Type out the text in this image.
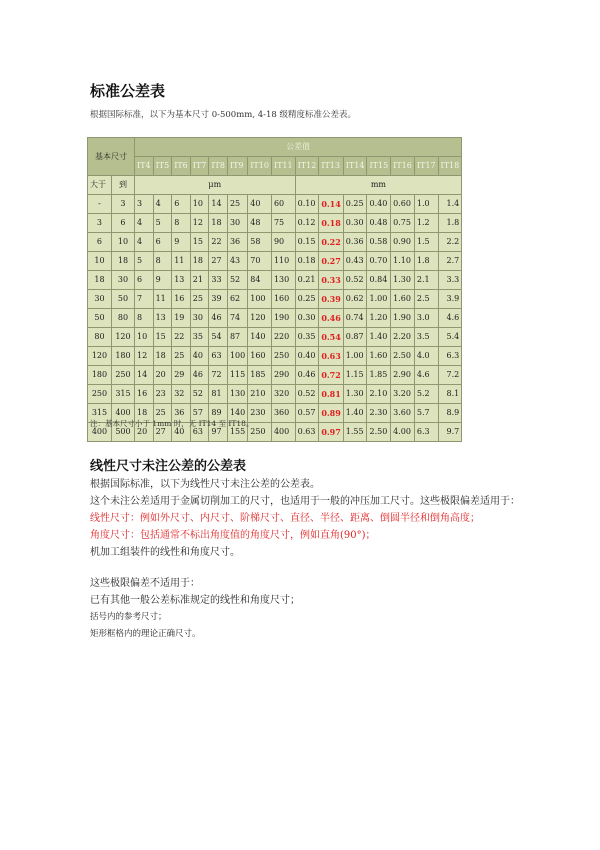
标准公差表
根据国际标准，以下为基本尺寸 0-500mm, 4-18 级精度标准公差表。
基本尺寸		公差值														
		IT4	IT5	IT6	IT7	IT8	IT9	IT10	IT11	IT12	IT13	IT14	IT15	IT16	IT17	IT18
大于	到	μm								mm						
-	3	3	4	6	10	14	25	40	60	0.10	0.14	0.25	0.40	0.60	1.0	1.4
3	6	4	5	8	12	18	30	48	75	0.12	0.18	0.30	0.48	0.75	1.2	1.8
6	10	4	6	9	15	22	36	58	90	0.15	0.22	0.36	0.58	0.90	1.5	2.2
10	18	5	8	11	18	27	43	70	110	0.18	0.27	0.43	0.70	1.10	1.8	2.7
18	30	6	9	13	21	33	52	84	130	0.21	0.33	0.52	0.84	1.30	2.1	3.3
30	50	7	11	16	25	39	62	100	160	0.25	0.39	0.62	1.00	1.60	2.5	3.9
50	80	8	13	19	30	46	74	120	190	0.30	0.46	0.74	1.20	1.90	3.0	4.6
80	120	10	15	22	35	54	87	140	220	0.35	0.54	0.87	1.40	2.20	3.5	5.4
120	180	12	18	25	40	63	100	160	250	0.40	0.63	1.00	1.60	2.50	4.0	6.3
180	250	14	20	29	46	72	115	185	290	0.46	0.72	1.15	1.85	2.90	4.6	7.2
250	315	16	23	32	52	81	130	210	320	0.52	0.81	1.30	2.10	3.20	5.2	8.1
315	400	18	25	36	57	89	140	230	360	0.57	0.89	1.40	2.30	3.60	5.7	8.9
400	500	20	27	40	63	97	155	250	400	0.63	0.97	1.55	2.50	4.00	6.3	9.7
注：基本尺寸小于 1mm 时，无 IT14 至 IT18。
线性尺寸未注公差的公差表

根据国际标准，以下为线性尺寸未注公差的公差表。

这个未注公差适用于金属切削加工的尺寸，也适用于一般的冲压加工尺寸。这些极限偏差适用于：

线性尺寸：例如外尺寸、内尺寸、阶梯尺寸、直径、半径、距离、倒圆半径和倒角高度；

角度尺寸：包括通常不标出角度值的角度尺寸，例如直角(90°)；

机加工组装件的线性和角度尺寸。

这些极限偏差不适用于：

已有其他一般公差标准规定的线性和角度尺寸；

括号内的参考尺寸；

矩形框格内的理论正确尺寸。
